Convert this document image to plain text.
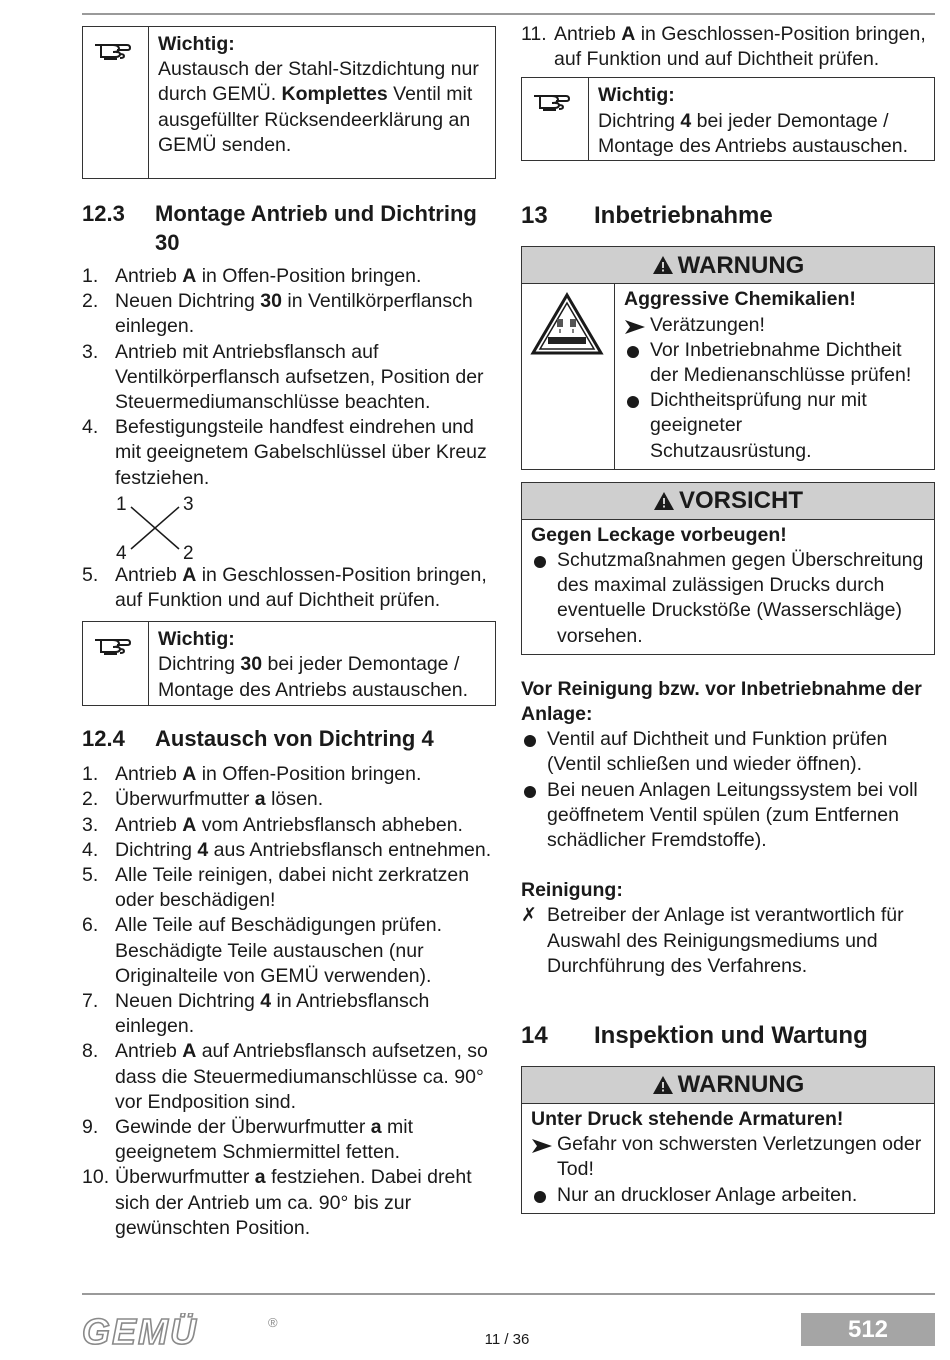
Wichtig:
Austausch der Stahl-Sitzdichtung nur durch GEMÜ. Komplettes Ventil mit ausgefüllter Rücksendeerklärung an GEMÜ senden.
12.3	Montage Antrieb und Dichtring 30
1. Antrieb A in Offen-Position bringen.
2. Neuen Dichtring 30 in Ventilkörperflansch einlegen.
3. Antrieb mit Antriebsflansch auf Ventilkörperflansch aufsetzen, Position der Steuermediumanschlüsse beachten.
4. Befestigungsteile handfest eindrehen und mit geeignetem Gabelschlüssel über Kreuz festziehen.
1	3
4	2
5. Antrieb A in Geschlossen-Position bringen, auf Funktion und auf Dichtheit prüfen.
Wichtig:
Dichtring 30 bei jeder Demontage / Montage des Antriebs austauschen.
12.4	Austausch von Dichtring 4
1. Antrieb A in Offen-Position bringen.
2. Überwurfmutter a lösen.
3. Antrieb A vom Antriebsflansch abheben.
4. Dichtring 4 aus Antriebsflansch entnehmen.
5. Alle Teile reinigen, dabei nicht zerkratzen oder beschädigen!
6. Alle Teile auf Beschädigungen prüfen. Beschädigte Teile austauschen (nur Originalteile von GEMÜ verwenden).
7. Neuen Dichtring 4 in Antriebsflansch einlegen.
8. Antrieb A auf Antriebsflansch aufsetzen, so dass die Steuermediumanschlüsse ca. 90° vor Endposition sind.
9. Gewinde der Überwurfmutter a mit geeignetem Schmiermittel fetten.
10. Überwurfmutter a festziehen. Dabei dreht sich der Antrieb um ca. 90° bis zur gewünschten Position.
11. Antrieb A in Geschlossen-Position bringen, auf Funktion und auf Dichtheit prüfen.
Wichtig:
Dichtring 4 bei jeder Demontage / Montage des Antriebs austauschen.
13	Inbetriebnahme
WARNUNG
Aggressive Chemikalien!
Verätzungen!
Vor Inbetriebnahme Dichtheit der Medienanschlüsse prüfen!
Dichtheitsprüfung nur mit geeigneter Schutzausrüstung.
VORSICHT
Gegen Leckage vorbeugen!
Schutzmaßnahmen gegen Überschreitung des maximal zulässigen Drucks durch eventuelle Druckstöße (Wasserschläge) vorsehen.
Vor Reinigung bzw. vor Inbetriebnahme der Anlage:
Ventil auf Dichtheit und Funktion prüfen (Ventil schließen und wieder öffnen).
Bei neuen Anlagen Leitungssystem bei voll geöffnetem Ventil spülen (zum Entfernen schädlicher Fremdstoffe).
Reinigung:
✗ Betreiber der Anlage ist verantwortlich für Auswahl des Reinigungsmediums und Durchführung des Verfahrens.
14	Inspektion und Wartung
WARNUNG
Unter Druck stehende Armaturen!
Gefahr von schwersten Verletzungen oder Tod!
Nur an druckloser Anlage arbeiten.
GEMÜ	®
11 / 36	512
